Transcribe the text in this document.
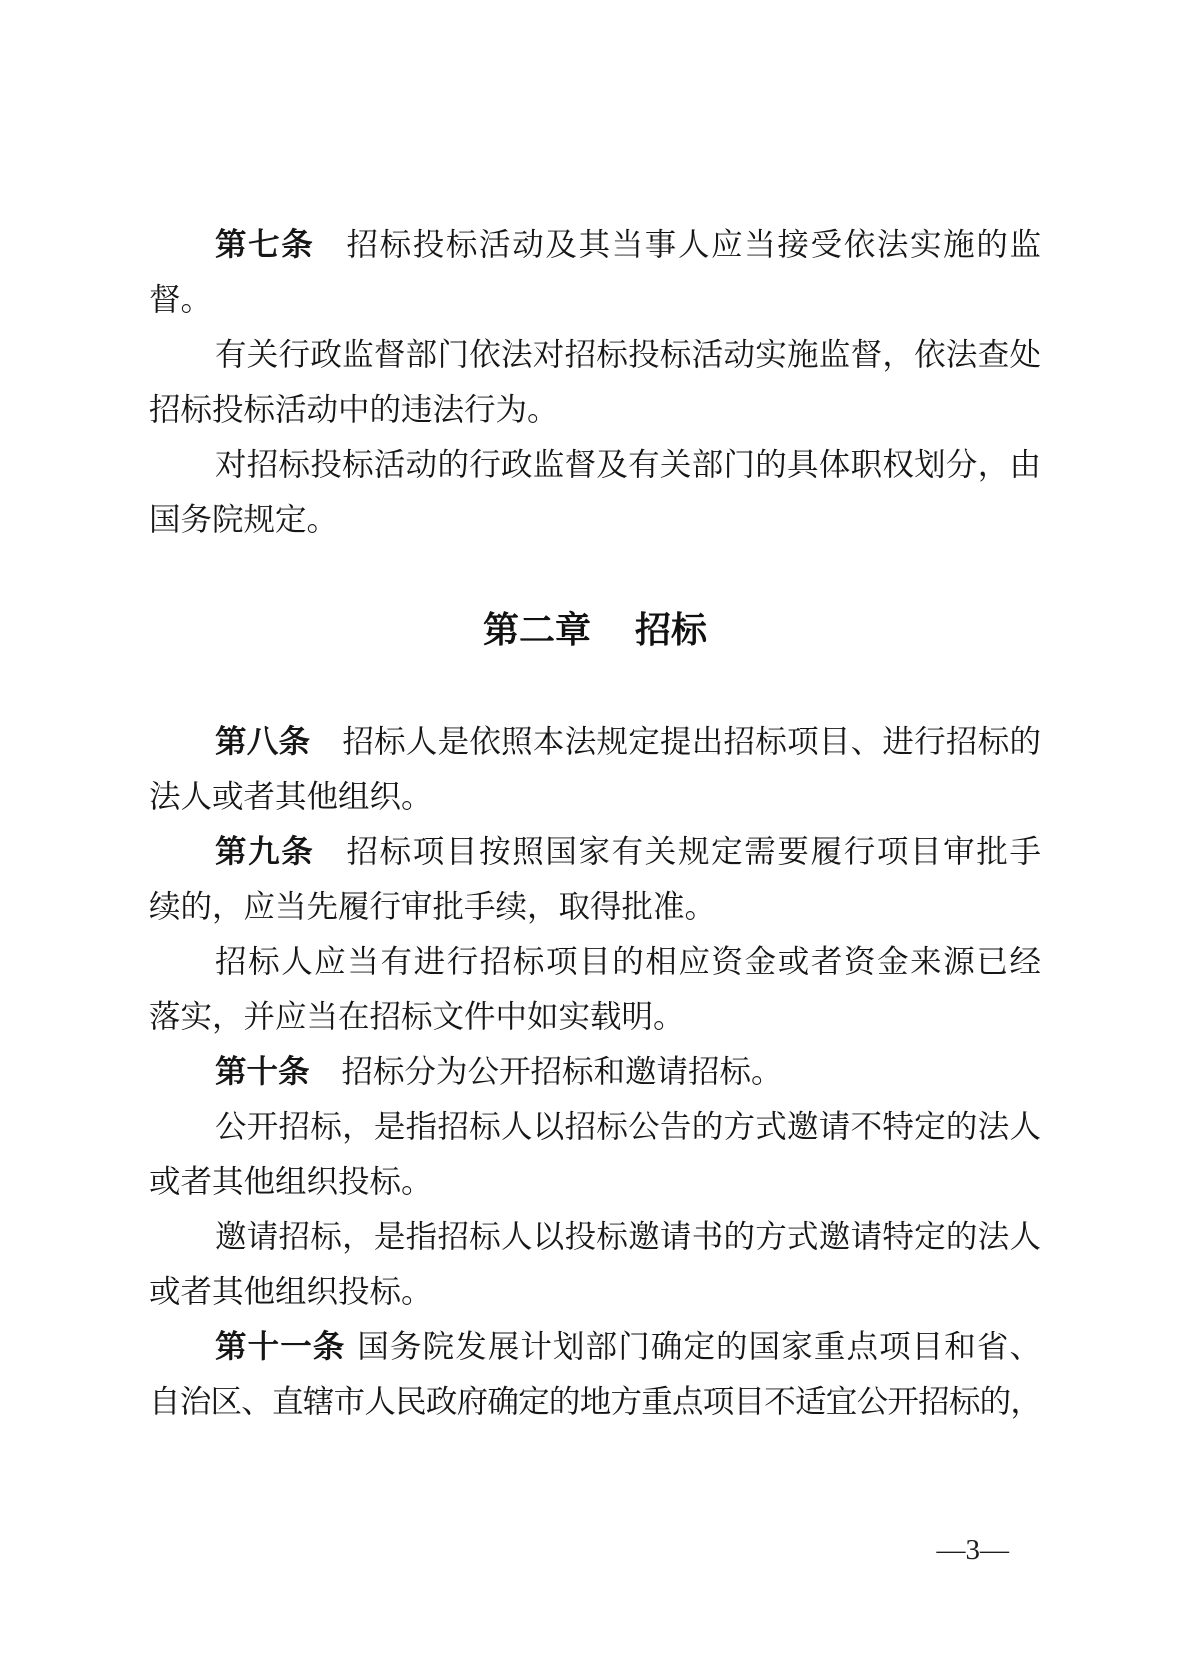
第七条 招标投标活动及其当事人应当接受依法实施的监
督。
有关行政监督部门依法对招标投标活动实施监督，依法查处
招标投标活动中的违法行为。
对招标投标活动的行政监督及有关部门的具体职权划分，由
国务院规定。
第二章 招标
第八条 招标人是依照本法规定提出招标项目、进行招标的
法人或者其他组织。
第九条 招标项目按照国家有关规定需要履行项目审批手
续的，应当先履行审批手续，取得批准。
招标人应当有进行招标项目的相应资金或者资金来源已经
落实，并应当在招标文件中如实载明。
第十条 招标分为公开招标和邀请招标。
公开招标，是指招标人以招标公告的方式邀请不特定的法人
或者其他组织投标。
邀请招标，是指招标人以投标邀请书的方式邀请特定的法人
或者其他组织投标。
第十一条 国务院发展计划部门确定的国家重点项目和省、
自治区、直辖市人民政府确定的地方重点项目不适宜公开招标的，
—3—
